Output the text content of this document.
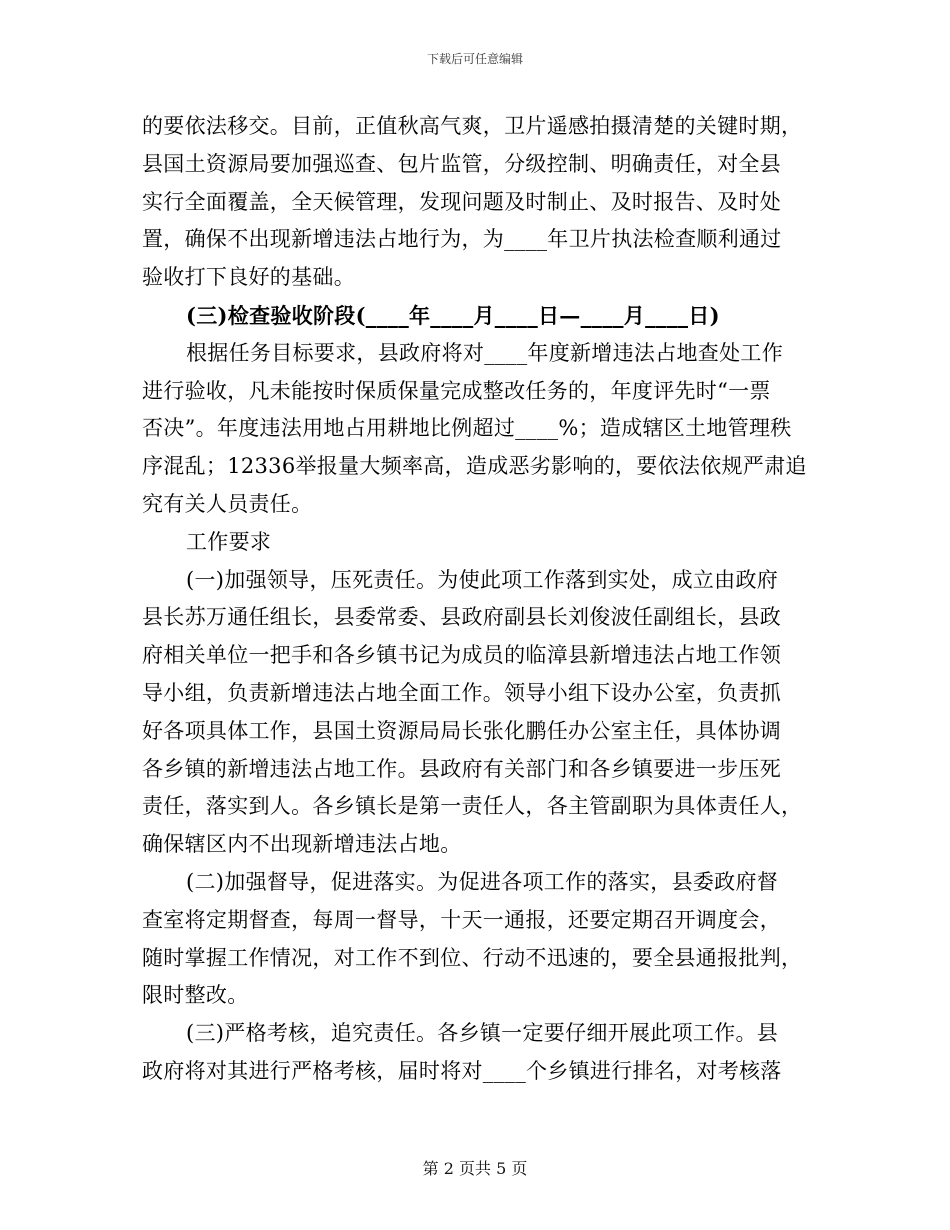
下载后可任意编辑
的要依法移交。目前，正值秋高气爽，卫片遥感拍摄清楚的关键时期，
县国土资源局要加强巡查、包片监管，分级控制、明确责任，对全县
实行全面覆盖，全天候管理，发现问题及时制止、及时报告、及时处
置，确保不出现新增违法占地行为，为____年卫片执法检查顺利通过
验收打下良好的基础。
(三)检查验收阶段(____年____月____日—____月____日)
根据任务目标要求，县政府将对____年度新增违法占地查处工作
进行验收，凡未能按时保质保量完成整改任务的，年度评先时“一票
否决”。年度违法用地占用耕地比例超过____%；造成辖区土地管理秩
序混乱；12336举报量大频率高，造成恶劣影响的，要依法依规严肃追
究有关人员责任。
工作要求
(一)加强领导，压死责任。为使此项工作落到实处，成立由政府
县长苏万通任组长，县委常委、县政府副县长刘俊波任副组长，县政
府相关单位一把手和各乡镇书记为成员的临漳县新增违法占地工作领
导小组，负责新增违法占地全面工作。领导小组下设办公室，负责抓
好各项具体工作，县国土资源局局长张化鹏任办公室主任，具体协调
各乡镇的新增违法占地工作。县政府有关部门和各乡镇要进一步压死
责任，落实到人。各乡镇长是第一责任人，各主管副职为具体责任人，
确保辖区内不出现新增违法占地。
(二)加强督导，促进落实。为促进各项工作的落实，县委政府督
查室将定期督查，每周一督导，十天一通报，还要定期召开调度会，
随时掌握工作情况，对工作不到位、行动不迅速的，要全县通报批判，
限时整改。
(三)严格考核，追究责任。各乡镇一定要仔细开展此项工作。县
政府将对其进行严格考核，届时将对____个乡镇进行排名，对考核落
第 2 页共 5 页
